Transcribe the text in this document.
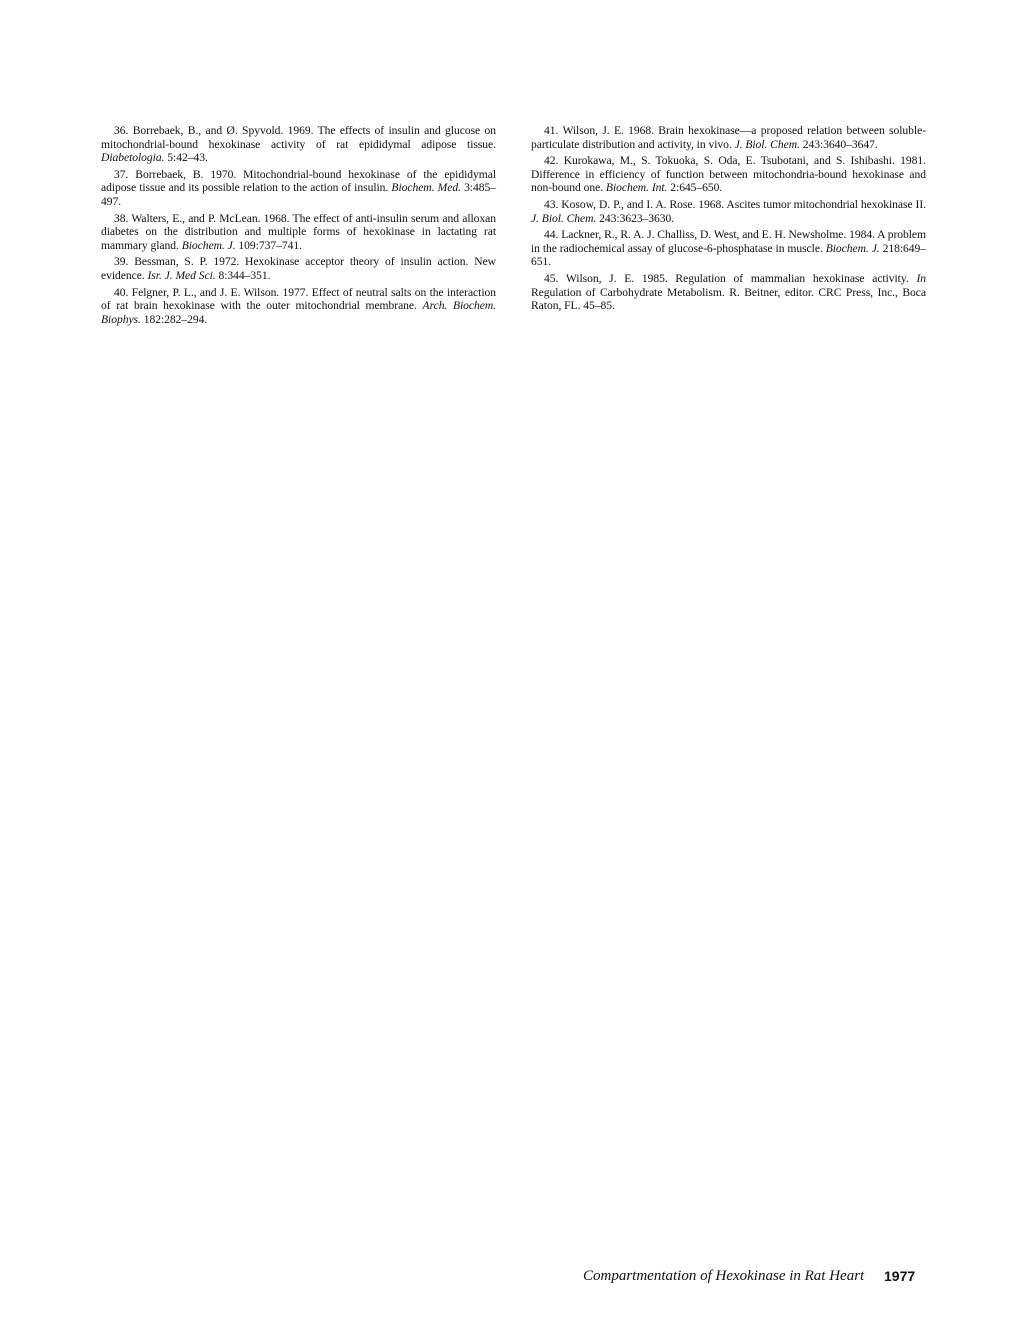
36. Borrebaek, B., and Ø. Spyvold. 1969. The effects of insulin and glucose on mitochondrial-bound hexokinase activity of rat epididymal adipose tissue. Diabetologia. 5:42–43.

37. Borrebaek, B. 1970. Mitochondrial-bound hexokinase of the epididymal adipose tissue and its possible relation to the action of insulin. Biochem. Med. 3:485–497.

38. Walters, E., and P. McLean. 1968. The effect of anti-insulin serum and alloxan diabetes on the distribution and multiple forms of hexokinase in lactating rat mammary gland. Biochem. J. 109:737–741.

39. Bessman, S. P. 1972. Hexokinase acceptor theory of insulin action. New evidence. Isr. J. Med Sci. 8:344–351.

40. Felgner, P. L., and J. E. Wilson. 1977. Effect of neutral salts on the interaction of rat brain hexokinase with the outer mitochondrial membrane. Arch. Biochem. Biophys. 182:282–294.

41. Wilson, J. E. 1968. Brain hexokinase—a proposed relation between soluble-particulate distribution and activity, in vivo. J. Biol. Chem. 243:3640–3647.

42. Kurokawa, M., S. Tokuoka, S. Oda, E. Tsubotani, and S. Ishibashi. 1981. Difference in efficiency of function between mitochondria-bound hexokinase and non-bound one. Biochem. Int. 2:645–650.

43. Kosow, D. P., and I. A. Rose. 1968. Ascites tumor mitochondrial hexokinase II. J. Biol. Chem. 243:3623–3630.

44. Lackner, R., R. A. J. Challiss, D. West, and E. H. Newsholme. 1984. A problem in the radiochemical assay of glucose-6-phosphatase in muscle. Biochem. J. 218:649–651.

45. Wilson, J. E. 1985. Regulation of mammalian hexokinase activity. In Regulation of Carbohydrate Metabolism. R. Beitner, editor. CRC Press, Inc., Boca Raton, FL. 45–85.

Compartmentation of Hexokinase in Rat Heart 1977
